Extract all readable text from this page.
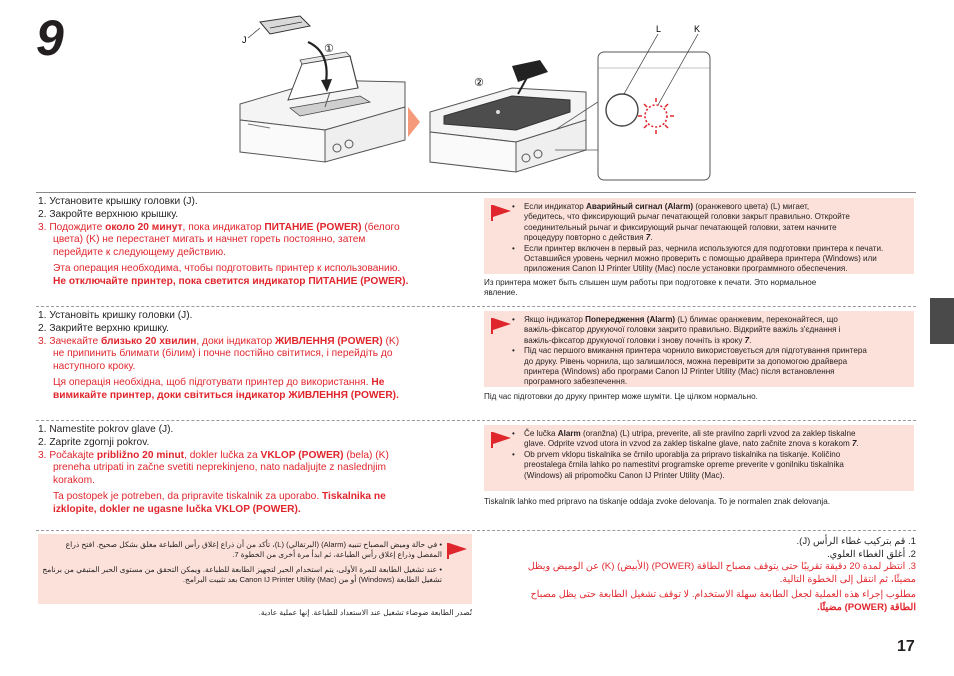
9	①
J
②
L	K
1. Установите крышку головки (J).
2. Закройте верхнюю крышку.
3. Подождите около 20 минут, пока индикатор ПИТАНИЕ (POWER) (белого
цвета) (K) не перестанет мигать и начнет гореть постоянно, затем
перейдите к следующему действию.
Эта операция необходима, чтобы подготовить принтер к использованию.
Не отключайте принтер, пока светится индикатор ПИТАНИЕ (POWER).
• Если индикатор Аварийный сигнал (Alarm) (оранжевого цвета) (L) мигает,
убедитесь, что фиксирующий рычаг печатающей головки закрыт правильно. Откройте
соединительный рычаг и фиксирующий рычаг печатающей головки, затем начните
процедуру повторно с действия 7.
• Если принтер включен в первый раз, чернила используются для подготовки принтера к печати.
Оставшийся уровень чернил можно проверить с помощью драйвера принтера (Windows) или
приложения Canon IJ Printer Utility (Mac) после установки программного обеспечения.
Из принтера может быть слышен шум работы при подготовке к печати. Это нормальное
явление.
1. Установіть кришку головки (J).
2. Закрийте верхню кришку.
3. Зачекайте близько 20 хвилин, доки індикатор ЖИВЛЕННЯ (POWER) (K)
не припинить блимати (білим) і почне постійно світитися, і перейдіть до
наступного кроку.
Ця операція необхідна, щоб підготувати принтер до використання. Не
вимикайте принтер, доки світиться індикатор ЖИВЛЕННЯ (POWER).
• Якщо індикатор Попередження (Alarm) (L) блимає оранжевим, переконайтеся, що
важіль-фіксатор друкуючої головки закрито правильно. Відкрийте важіль з'єднання і
важіль-фіксатор друкуючої головки і знову почніть із кроку 7.
• Під час першого вмикання принтера чорнило використовується для підготування принтера
до друку. Рівень чорнила, що залишилося, можна перевірити за допомогою драйвера
принтера (Windows) або програми Canon IJ Printer Utility (Mac) після встановлення
програмного забезпечення.
Під час підготовки до друку принтер може шуміти. Це цілком нормально.
1. Namestite pokrov glave (J).
2. Zaprite zgornji pokrov.
3. Počakajte približno 20 minut, dokler lučka za VKLOP (POWER) (bela) (K)
preneha utripati in začne svetiti neprekinjeno, nato nadaljujte z naslednjim
korakom.
Ta postopek je potreben, da pripravite tiskalnik za uporabo. Tiskalnika ne
izklopite, dokler ne ugasne lučka VKLOP (POWER).
• Če lučka Alarm (oranžna) (L) utripa, preverite, ali ste pravilno zaprli vzvod za zaklep tiskalne
glave. Odprite vzvod utora in vzvod za zaklep tiskalne glave, nato začnite znova s korakom 7.
• Ob prvem vklopu tiskalnika se črnilo uporablja za pripravo tiskalnika na tiskanje. Količino
preostalega črnila lahko po namestitvi programske opreme preverite v gonilniku tiskalnika
(Windows) ali pripomočku Canon IJ Printer Utility (Mac).
Tiskalnik lahko med pripravo na tiskanje oddaja zvoke delovanja. To je normalen znak delovanja.
• في حالة وميض المصباح تنبيه (Alarm) (البرتقالي) (L)، تأكد من أن ذراع إغلاق رأس الطباعة مغلق بشكل صحيح. افتح ذراع
المفصل وذراع إغلاق رأس الطباعة، ثم ابدأ مرة أخرى من الخطوة 7.
• عند تشغيل الطابعة للمرة الأولى، يتم استخدام الحبر لتجهيز الطابعة للطباعة. ويمكن التحقق من مستوى الحبر المتبقي من برنامج
تشغيل الطابعة (Windows) أو من Canon IJ Printer Utility (Mac) بعد تثبيت البرامج.
تُصدر الطابعة ضوضاء تشغيل عند الاستعداد للطباعة. إنها عملية عادية.
1. قم بتركيب غطاء الرأس (J).
2. أغلق الغطاء العلوي.
3. انتظر لمدة 20 دقيقة تقريبًا حتى يتوقف مصباح الطاقة (POWER) (الأبيض) (K) عن الوميض ويظل
مضيئًا، ثم انتقل إلى الخطوة التالية.
مطلوب إجراء هذه العملية لجعل الطابعة سهلة الاستخدام. لا توقف تشغيل الطابعة حتى يظل مصباح
الطاقة (POWER) مضيئًا.
17
